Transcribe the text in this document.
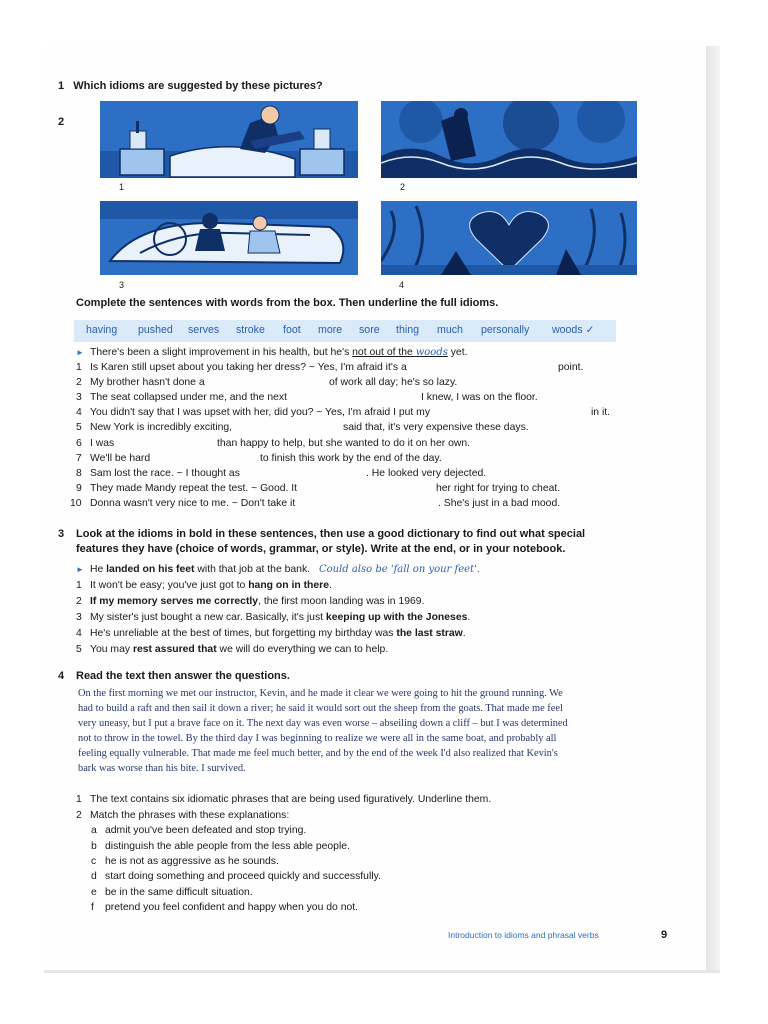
1 Which idioms are suggested by these pictures?
2
1	2
3	4
Complete the sentences with words from the box. Then underline the full idioms.
having pushed serves stroke foot more sore thing much personally woods ✓
► There's been a slight improvement in his health, but he's not out of the woods yet.
1 Is Karen still upset about you taking her dress? ~ Yes, I'm afraid it's a	point.
2 My brother hasn't done a	of work all day; he's so lazy.
3 The seat collapsed under me, and the next	I knew, I was on the floor.
4 You didn't say that I was upset with her, did you? ~ Yes, I'm afraid I put my	in it.
5 New York is incredibly exciting,	said that, it's very expensive these days.
6 I was	than happy to help, but she wanted to do it on her own.
7 We'll be hard	to finish this work by the end of the day.
8 Sam lost the race. ~ I thought as	. He looked very dejected.
9 They made Mandy repeat the test. ~ Good. It	her right for trying to cheat.
10 Donna wasn't very nice to me. ~ Don't take it	. She's just in a bad mood.
3 Look at the idioms in bold in these sentences, then use a good dictionary to find out what special
features they have (choice of words, grammar, or style). Write at the end, or in your notebook.
► He landed on his feet with that job at the bank. Could also be 'fall on your feet'.
1 It won't be easy; you've just got to hang on in there.
2 If my memory serves me correctly, the first moon landing was in 1969.
3 My sister's just bought a new car. Basically, it's just keeping up with the Joneses.
4 He's unreliable at the best of times, but forgetting my birthday was the last straw.
5 You may rest assured that we will do everything we can to help.
4 Read the text then answer the questions.
On the first morning we met our instructor, Kevin, and he made it clear we were going to hit the ground running. We
had to build a raft and then sail it down a river; he said it would sort out the sheep from the goats. That made me feel
very uneasy, but I put a brave face on it. The next day was even worse – abseiling down a cliff – but I was determined
not to throw in the towel. By the third day I was beginning to realize we were all in the same boat, and probably all
feeling equally vulnerable. That made me feel much better, and by the end of the week I'd also realized that Kevin's
bark was worse than his bite. I survived.
1 The text contains six idiomatic phrases that are being used figuratively. Underline them.
2 Match the phrases with these explanations:
a admit you've been defeated and stop trying.
b distinguish the able people from the less able people.
c he is not as aggressive as he sounds.
d start doing something and proceed quickly and successfully.
e be in the same difficult situation.
f pretend you feel confident and happy when you do not.
Introduction to idioms and phrasal verbs	9
